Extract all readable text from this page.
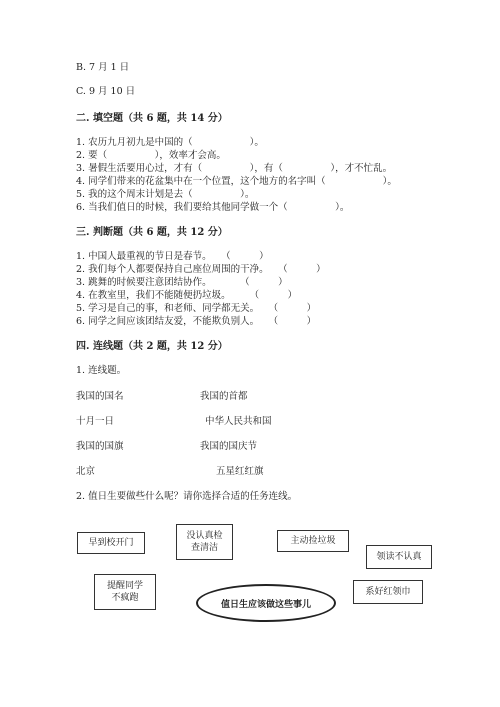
B. 7 月 1 日
C. 9 月 10 日
二. 填空题（共 6 题，共 14 分）
1. 农历九月初九是中国的（　　　　　　）。
2. 要（　　　　　），效率才会高。
3. 暑假生活要用心过，才有（　　　　　），有（　　　　　），才不忙乱。
4. 同学们带来的花盆集中在一个位置，这个地方的名字叫（　　　　　　）。
5. 我的这个周末计划是去（　　　　　）。
6. 当我们值日的时候，我们要给其他同学做一个（　　　　　）。
三. 判断题（共 6 题，共 12 分）
1. 中国人最重视的节日是春节。　　（　　　）
2. 我们每个人都要保持自己座位周围的干净。　　（　　　）
3. 跳舞的时候要注意团结协作。　　　　（　　　）
4. 在教室里，我们不能随便扔垃圾。　　　（　　　）
5. 学习是自己的事，和老师、同学都无关。　　（　　　）
6. 同学之间应该团结友爱，不能欺负别人。　　（　　　）
四. 连线题（共 2 题，共 12 分）
1. 连线题。
我国的国名	我国的首都
十月一日	中华人民共和国
我国的国旗	我国的国庆节
北京	五星红红旗
2. 值日生要做些什么呢？请你选择合适的任务连线。
早到校开门
没认真检
查清洁
主动捡垃圾
领读不认真
提醒同学
不疯跑
值日生应该做这些事儿
系好红领巾
